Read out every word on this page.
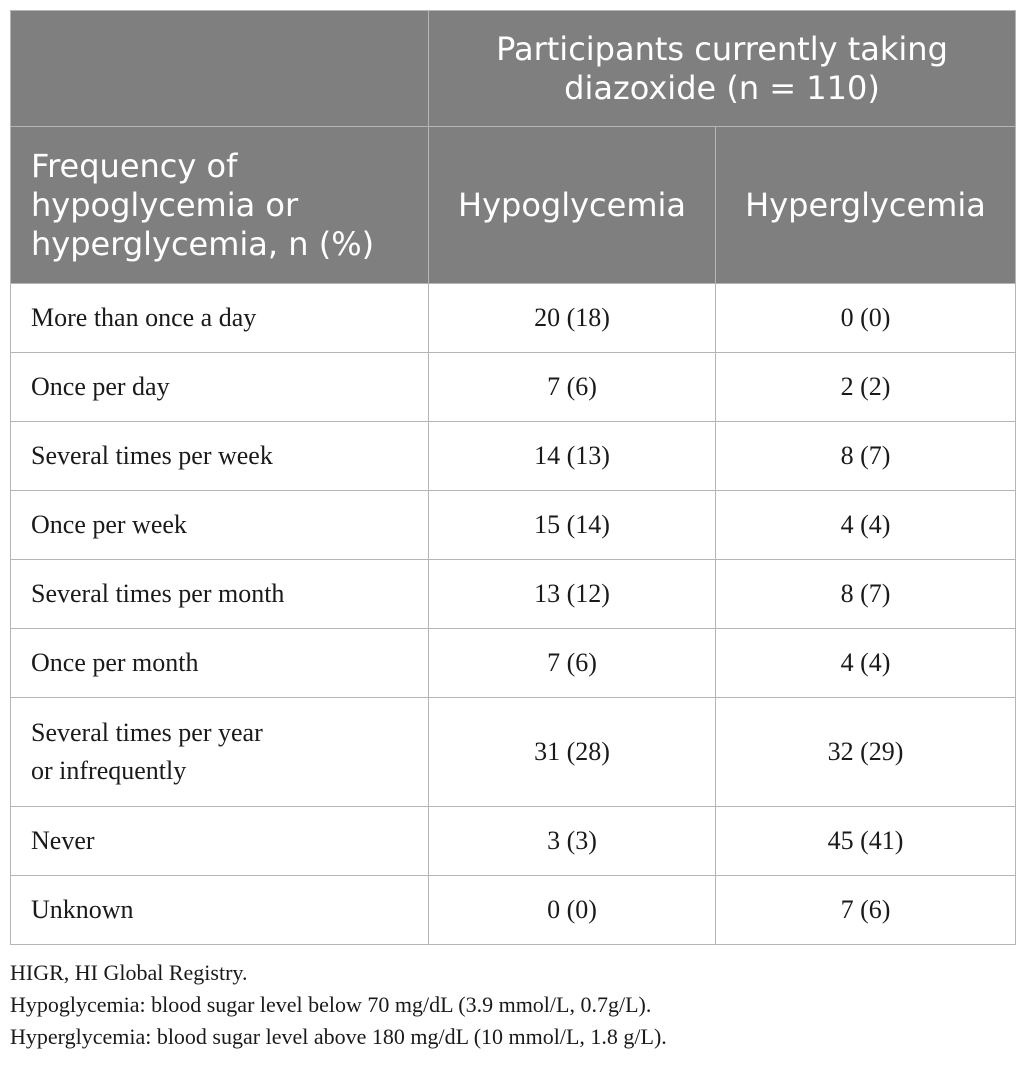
	Participants currently taking diazoxide (n = 110)	
Frequency of hypoglycemia or hyperglycemia, n (%)	Hypoglycemia	Hyperglycemia
More than once a day	20 (18)	0 (0)
Once per day	7 (6)	2 (2)
Several times per week	14 (13)	8 (7)
Once per week	15 (14)	4 (4)
Several times per month	13 (12)	8 (7)
Once per month	7 (6)	4 (4)
Several times per year
or infrequently	31 (28)	32 (29)
Never	3 (3)	45 (41)
Unknown	0 (0)	7 (6)

HIGR, HI Global Registry.

Hypoglycemia: blood sugar level below 70 mg/dL (3.9 mmol/L, 0.7g/L).

Hyperglycemia: blood sugar level above 180 mg/dL (10 mmol/L, 1.8 g/L).
